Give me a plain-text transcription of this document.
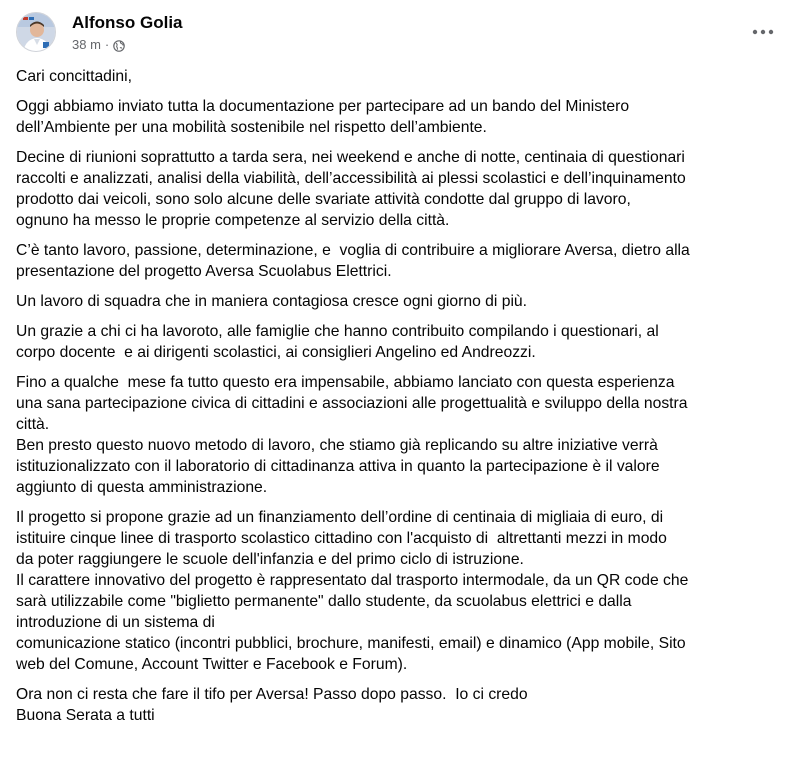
Alfonso Golia
38 m ·

Cari concittadini,

Oggi abbiamo inviato tutta la documentazione per partecipare ad un bando del Ministero
dell’Ambiente per una mobilità sostenibile nel rispetto dell’ambiente.

Decine di riunioni soprattutto a tarda sera, nei weekend e anche di notte, centinaia di questionari
raccolti e analizzati, analisi della viabilità, dell’accessibilità ai plessi scolastici e dell’inquinamento
prodotto dai veicoli, sono solo alcune delle svariate attività condotte dal gruppo di lavoro,
ognuno ha messo le proprie competenze al servizio della città.

C’è tanto lavoro, passione, determinazione, e  voglia di contribuire a migliorare Aversa, dietro alla
presentazione del progetto Aversa Scuolabus Elettrici.

Un lavoro di squadra che in maniera contagiosa cresce ogni giorno di più.

Un grazie a chi ci ha lavoroto, alle famiglie che hanno contribuito compilando i questionari, al
corpo docente  e ai dirigenti scolastici, ai consiglieri Angelino ed Andreozzi.

Fino a qualche  mese fa tutto questo era impensabile, abbiamo lanciato con questa esperienza
una sana partecipazione civica di cittadini e associazioni alle progettualità e sviluppo della nostra
città.
Ben presto questo nuovo metodo di lavoro, che stiamo già replicando su altre iniziative verrà
istituzionalizzato con il laboratorio di cittadinanza attiva in quanto la partecipazione è il valore
aggiunto di questa amministrazione.

Il progetto si propone grazie ad un finanziamento dell’ordine di centinaia di migliaia di euro, di
istituire cinque linee di trasporto scolastico cittadino con l'acquisto di  altrettanti mezzi in modo
da poter raggiungere le scuole dell'infanzia e del primo ciclo di istruzione.
Il carattere innovativo del progetto è rappresentato dal trasporto intermodale, da un QR code che
sarà utilizzabile come "biglietto permanente" dallo studente, da scuolabus elettrici e dalla
introduzione di un sistema di
comunicazione statico (incontri pubblici, brochure, manifesti, email) e dinamico (App mobile, Sito
web del Comune, Account Twitter e Facebook e Forum).

Ora non ci resta che fare il tifo per Aversa! Passo dopo passo.  Io ci credo
Buona Serata a tutti
